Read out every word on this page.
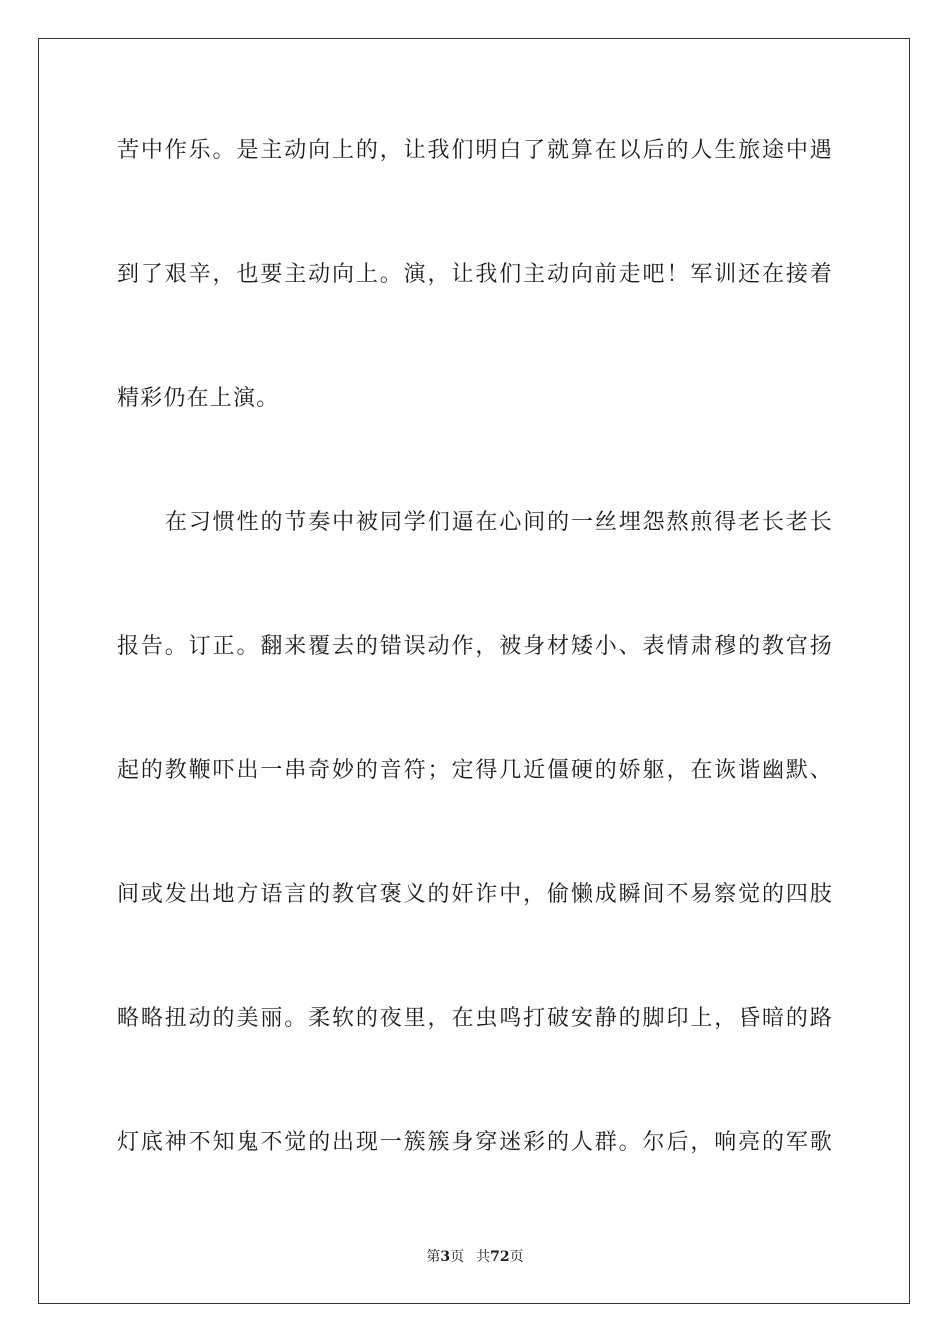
苦中作乐。是主动向上的，让我们明白了就算在以后的人生旅途中遇
到了艰辛，也要主动向上。演，让我们主动向前走吧！军训还在接着
精彩仍在上演。
在习惯性的节奏中被同学们逼在心间的一丝埋怨熬煎得老长老长
报告。订正。翻来覆去的错误动作，被身材矮小、表情肃穆的教官扬
起的教鞭吓出一串奇妙的音符；定得几近僵硬的娇躯，在诙谐幽默、
间或发出地方语言的教官褒义的奸诈中，偷懒成瞬间不易察觉的四肢
略略扭动的美丽。柔软的夜里，在虫鸣打破安静的脚印上，昏暗的路
灯底神不知鬼不觉的出现一簇簇身穿迷彩的人群。尔后，响亮的军歌
第3页 共72页
